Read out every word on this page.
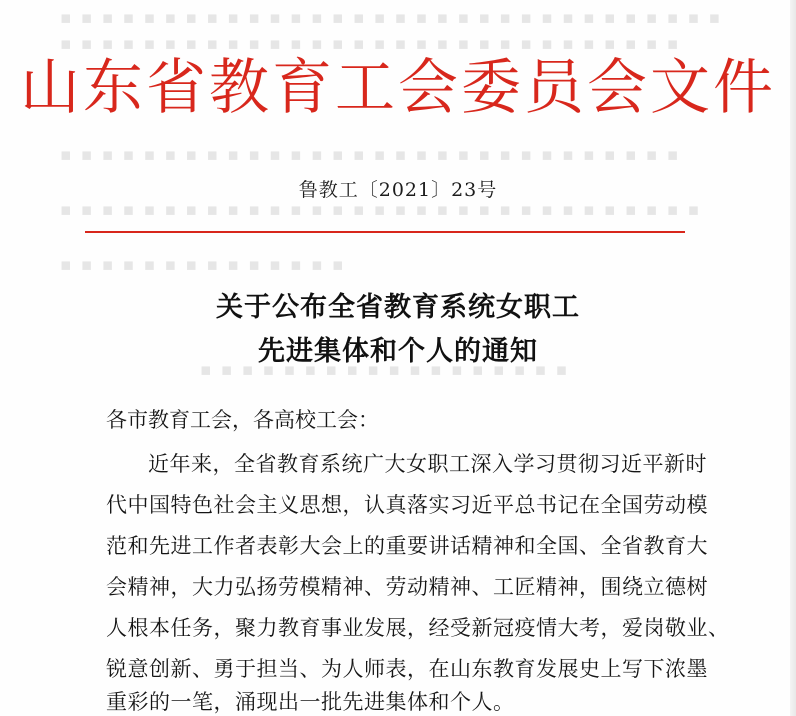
▪ ▪ ▪ ▪ ▪ ▪ ▪ ▪ ▪ ▪ ▪ ▪ ▪ ▪ ▪ ▪ ▪ ▪ ▪ ▪ ▪ ▪ ▪ ▪ ▪ ▪ ▪ ▪ ▪ ▪ ▪ ▪
▪ ▪ ▪ ▪ ▪ ▪ ▪ ▪ ▪ ▪ ▪ ▪ ▪ ▪ ▪ ▪ ▪ ▪ ▪ ▪ ▪ ▪ ▪ ▪ ▪ ▪ ▪ ▪ ▪ ▪
▪ ▪ ▪ ▪ ▪ ▪ ▪ ▪ ▪ ▪ ▪ ▪ ▪ ▪ ▪ ▪ ▪ ▪ ▪ ▪ ▪ ▪ ▪ ▪ ▪ ▪ ▪ ▪ ▪ ▪
▪ ▪ ▪ ▪ ▪ ▪ ▪ ▪ ▪ ▪ ▪ ▪ ▪ ▪ ▪ ▪ ▪ ▪ ▪ ▪ ▪ ▪ ▪ ▪ ▪ ▪ ▪ ▪ ▪ ▪ ▪
▪ ▪ ▪ ▪ ▪ ▪ ▪ ▪ ▪ ▪ ▪ ▪ ▪ ▪
▪ ▪ ▪ ▪ ▪ ▪ ▪ ▪ ▪ ▪ ▪ ▪ ▪ ▪ ▪ ▪ ▪ ▪
山东省教育工会委员会文件
鲁教工〔2021〕23号
关于公布全省教育系统女职工
先进集体和个人的通知
各市教育工会，各高校工会：
近年来，全省教育系统广大女职工深入学习贯彻习近平新时
代中国特色社会主义思想，认真落实习近平总书记在全国劳动模
范和先进工作者表彰大会上的重要讲话精神和全国、全省教育大
会精神，大力弘扬劳模精神、劳动精神、工匠精神，围绕立德树
人根本任务，聚力教育事业发展，经受新冠疫情大考，爱岗敬业、
锐意创新、勇于担当、为人师表，在山东教育发展史上写下浓墨
重彩的一笔，涌现出一批先进集体和个人。
